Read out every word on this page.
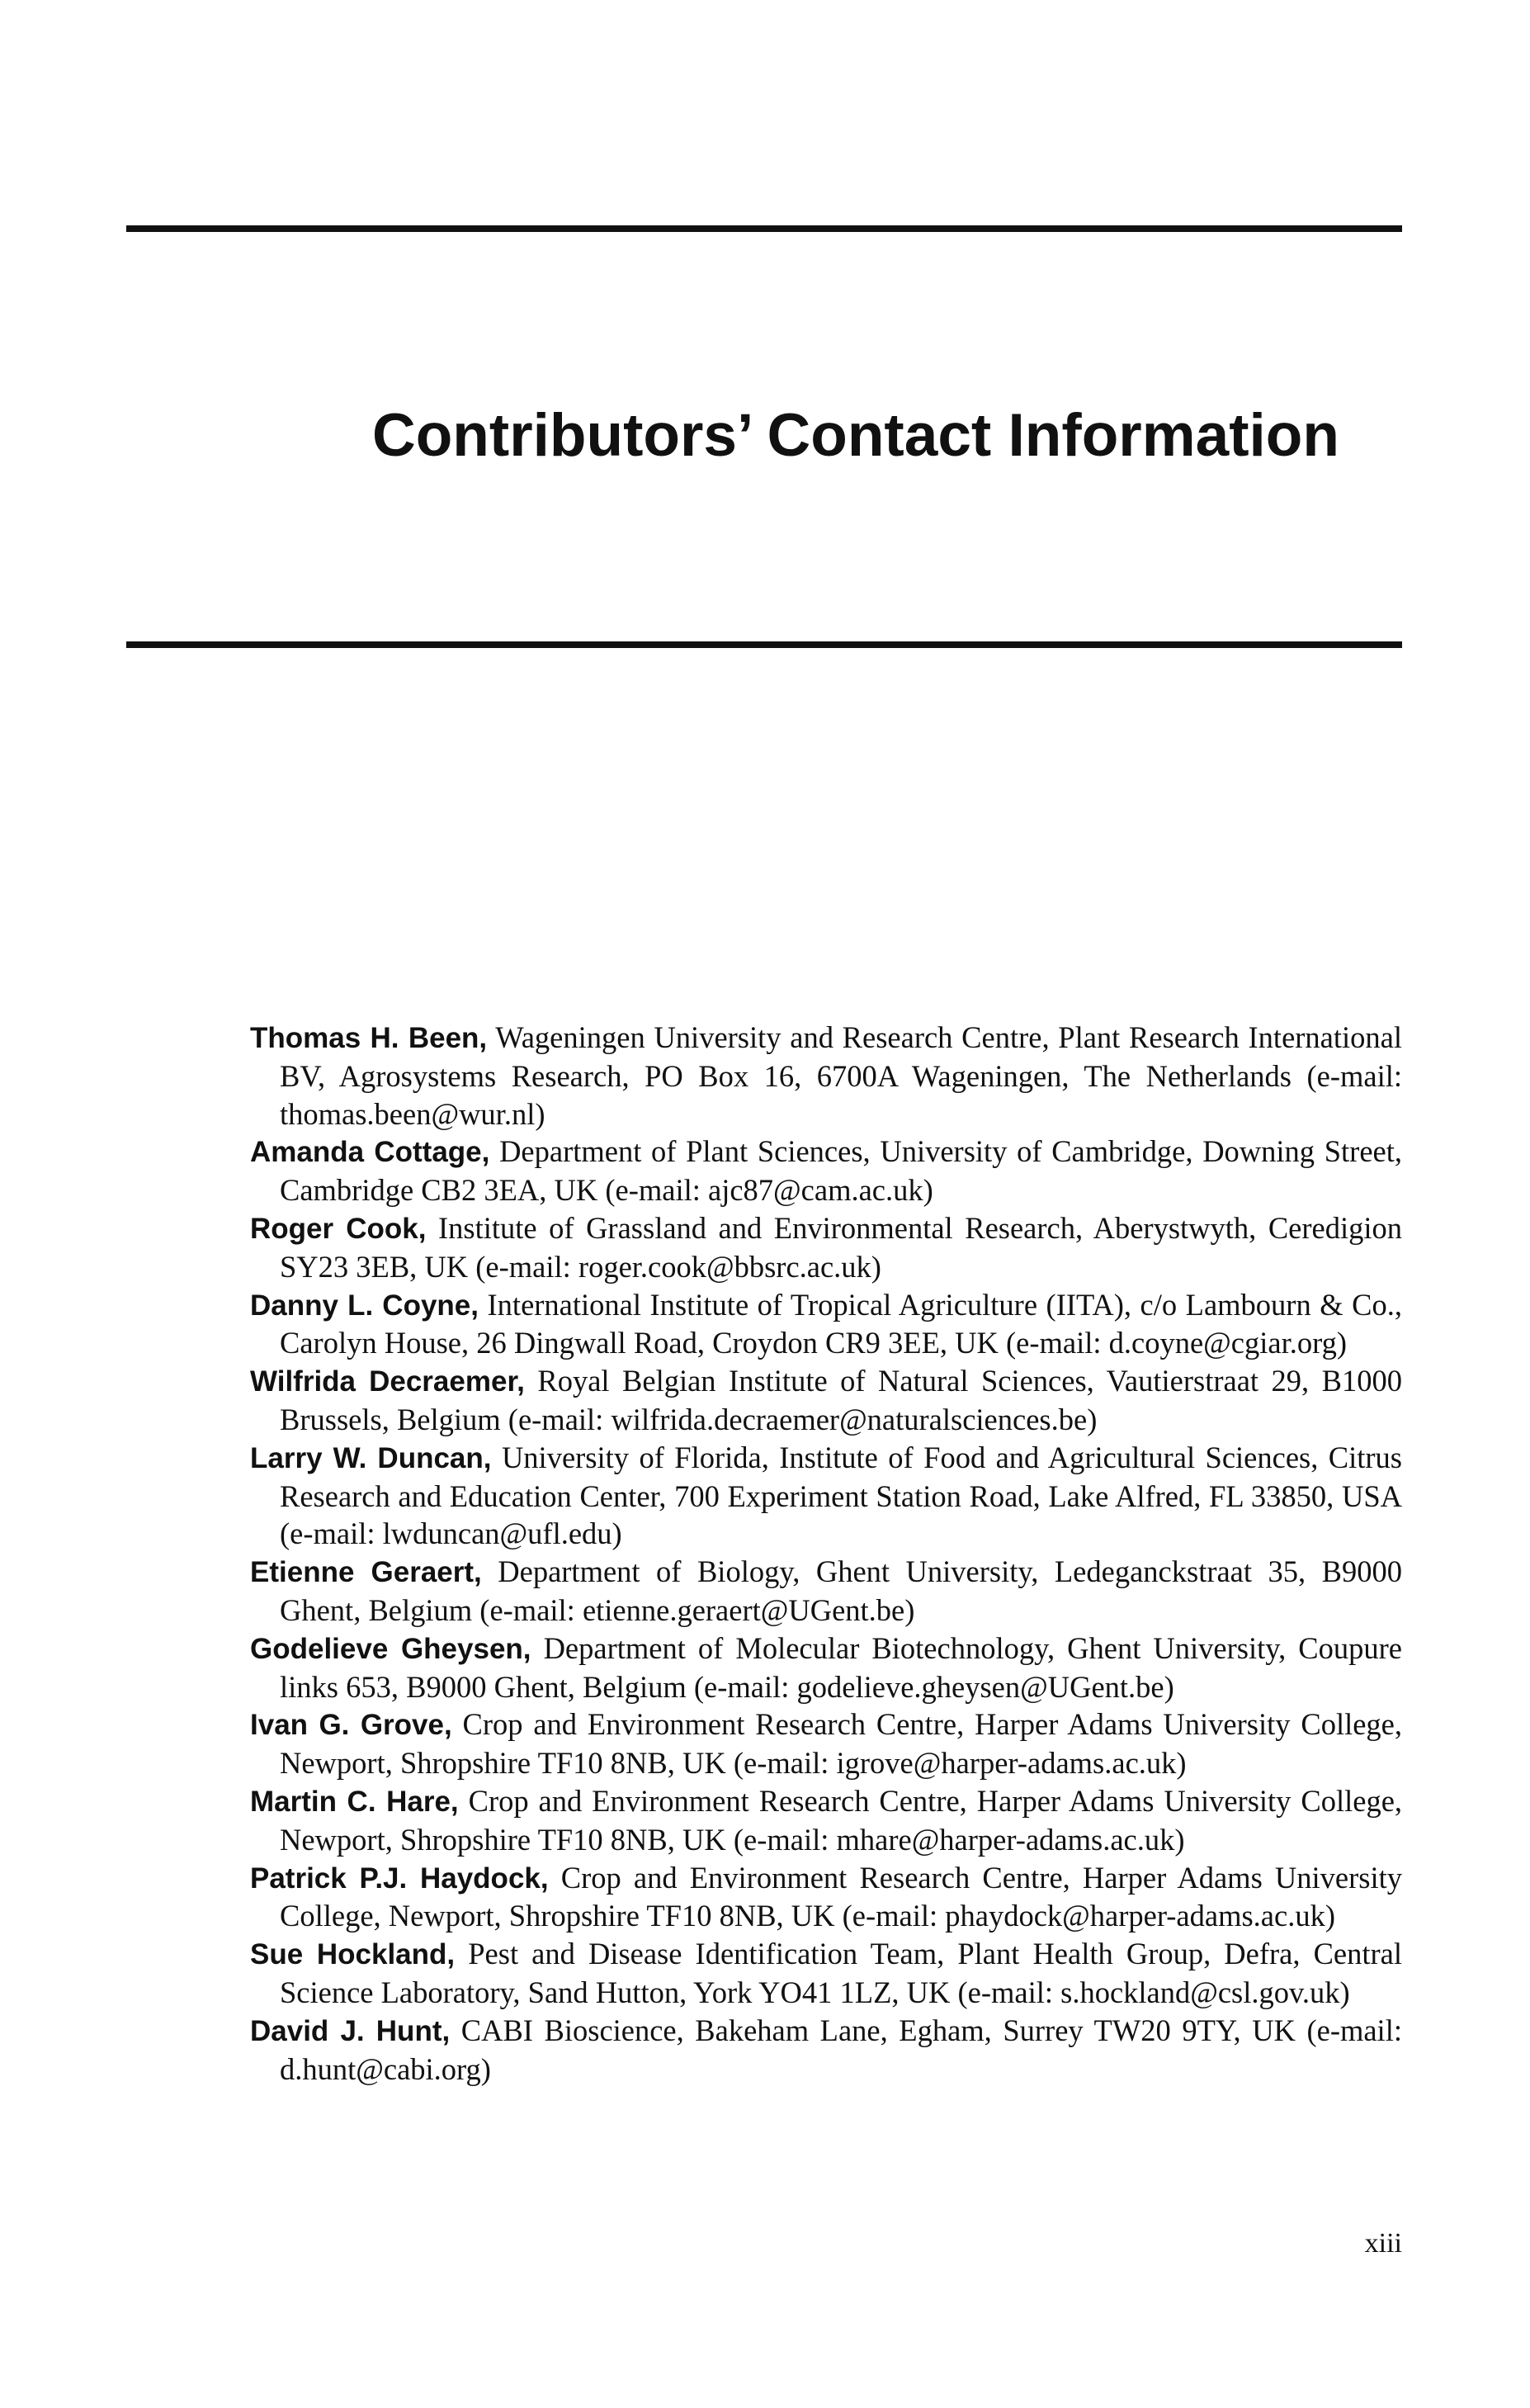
Contributors’ Contact Information

Thomas H. Been, Wageningen University and Research Centre, Plant Research International BV, Agrosystems Research, PO Box 16, 6700A Wageningen, The Netherlands (e-mail: thomas.been@wur.nl)

Amanda Cottage, Department of Plant Sciences, University of Cambridge, Downing Street, Cambridge CB2 3EA, UK (e-mail: ajc87@cam.ac.uk)

Roger Cook, Institute of Grassland and Environmental Research, Aberystwyth, Ceredigion SY23 3EB, UK (e-mail: roger.cook@bbsrc.ac.uk)

Danny L. Coyne, International Institute of Tropical Agriculture (IITA), c/o Lambourn & Co., Carolyn House, 26 Dingwall Road, Croydon CR9 3EE, UK (e-mail: d.coyne@cgiar.org)

Wilfrida Decraemer, Royal Belgian Institute of Natural Sciences, Vautierstraat 29, B1000 Brussels, Belgium (e-mail: wilfrida.decraemer@naturalsciences.be)

Larry W. Duncan, University of Florida, Institute of Food and Agricultural Sciences, Citrus Research and Education Center, 700 Experiment Station Road, Lake Alfred, FL 33850, USA (e-mail: lwduncan@ufl.edu)

Etienne Geraert, Department of Biology, Ghent University, Ledeganckstraat 35, B9000 Ghent, Belgium (e-mail: etienne.geraert@UGent.be)

Godelieve Gheysen, Department of Molecular Biotechnology, Ghent University, Coupure links 653, B9000 Ghent, Belgium (e-mail: godelieve.gheysen@UGent.be)

Ivan G. Grove, Crop and Environment Research Centre, Harper Adams University College, Newport, Shropshire TF10 8NB, UK (e-mail: igrove@harper-adams.ac.uk)

Martin C. Hare, Crop and Environment Research Centre, Harper Adams University College, Newport, Shropshire TF10 8NB, UK (e-mail: mhare@harper-adams.ac.uk)

Patrick P.J. Haydock, Crop and Environment Research Centre, Harper Adams University College, Newport, Shropshire TF10 8NB, UK (e-mail: phaydock@harper-adams.ac.uk)

Sue Hockland, Pest and Disease Identification Team, Plant Health Group, Defra, Central Science Laboratory, Sand Hutton, York YO41 1LZ, UK (e-mail: s.hockland@csl.gov.uk)

David J. Hunt, CABI Bioscience, Bakeham Lane, Egham, Surrey TW20 9TY, UK (e-mail: d.hunt@cabi.org)

xiii
